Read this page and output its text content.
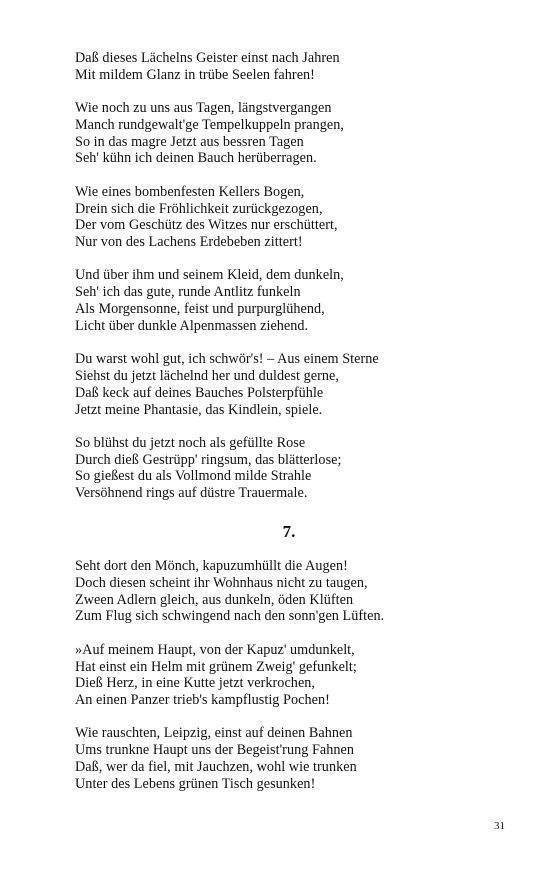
Daß dieses Lächelns Geister einst nach Jahren
Mit mildem Glanz in trübe Seelen fahren!
Wie noch zu uns aus Tagen, längstvergangen
Manch rundgewalt'ge Tempelkuppeln prangen,
So in das magre Jetzt aus bessren Tagen
Seh' kühn ich deinen Bauch herüberragen.
Wie eines bombenfesten Kellers Bogen,
Drein sich die Fröhlichkeit zurückgezogen,
Der vom Geschütz des Witzes nur erschüttert,
Nur von des Lachens Erdebeben zittert!
Und über ihm und seinem Kleid, dem dunkeln,
Seh' ich das gute, runde Antlitz funkeln
Als Morgensonne, feist und purpurglühend,
Licht über dunkle Alpenmassen ziehend.
Du warst wohl gut, ich schwör's! – Aus einem Sterne
Siehst du jetzt lächelnd her und duldest gerne,
Daß keck auf deines Bauches Polsterpfühle
Jetzt meine Phantasie, das Kindlein, spiele.
So blühst du jetzt noch als gefüllte Rose
Durch dieß Gestrüpp' ringsum, das blätterlose;
So gießest du als Vollmond milde Strahle
Versöhnend rings auf düstre Trauermale.
7.
Seht dort den Mönch, kapuzumhüllt die Augen!
Doch diesen scheint ihr Wohnhaus nicht zu taugen,
Zween Adlern gleich, aus dunkeln, öden Klüften
Zum Flug sich schwingend nach den sonn'gen Lüften.
»Auf meinem Haupt, von der Kapuz' umdunkelt,
Hat einst ein Helm mit grünem Zweig' gefunkelt;
Dieß Herz, in eine Kutte jetzt verkrochen,
An einen Panzer trieb's kampflustig Pochen!
Wie rauschten, Leipzig, einst auf deinen Bahnen
Ums trunkne Haupt uns der Begeist'rung Fahnen
Daß, wer da fiel, mit Jauchzen, wohl wie trunken
Unter des Lebens grünen Tisch gesunken!
31
